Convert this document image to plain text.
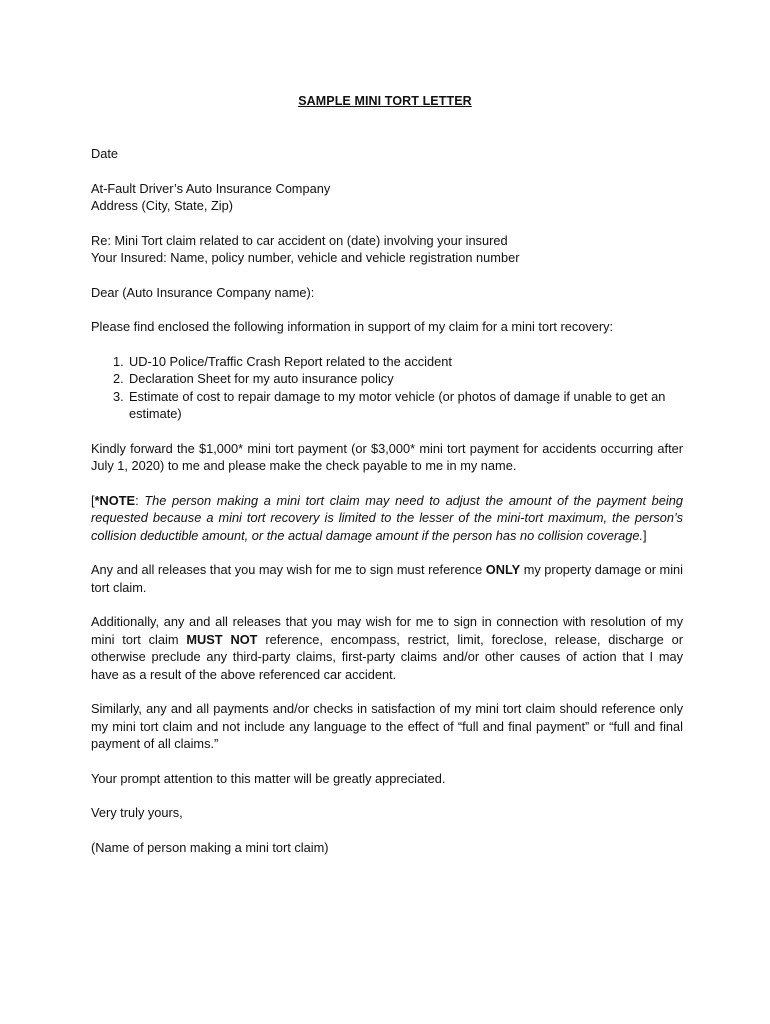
SAMPLE MINI TORT LETTER

Date

At-Fault Driver’s Auto Insurance Company

Address (City, State, Zip)

Re: Mini Tort claim related to car accident on (date) involving your insured

Your Insured: Name, policy number, vehicle and vehicle registration number

Dear (Auto Insurance Company name):

Please find enclosed the following information in support of my claim for a mini tort recovery:

1. UD-10 Police/Traffic Crash Report related to the accident
2. Declaration Sheet for my auto insurance policy
3. Estimate of cost to repair damage to my motor vehicle (or photos of damage if unable to get an estimate)

Kindly forward the $1,000* mini tort payment (or $3,000* mini tort payment for accidents occurring after July 1, 2020) to me and please make the check payable to me in my name.

[*NOTE: The person making a mini tort claim may need to adjust the amount of the payment being requested because a mini tort recovery is limited to the lesser of the mini-tort maximum, the person’s collision deductible amount, or the actual damage amount if the person has no collision coverage.]

Any and all releases that you may wish for me to sign must reference ONLY my property damage or mini tort claim.

Additionally, any and all releases that you may wish for me to sign in connection with resolution of my mini tort claim MUST NOT reference, encompass, restrict, limit, foreclose, release, discharge or otherwise preclude any third-party claims, first-party claims and/or other causes of action that I may have as a result of the above referenced car accident.

Similarly, any and all payments and/or checks in satisfaction of my mini tort claim should reference only my mini tort claim and not include any language to the effect of “full and final payment” or “full and final payment of all claims.”

Your prompt attention to this matter will be greatly appreciated.

Very truly yours,

(Name of person making a mini tort claim)
